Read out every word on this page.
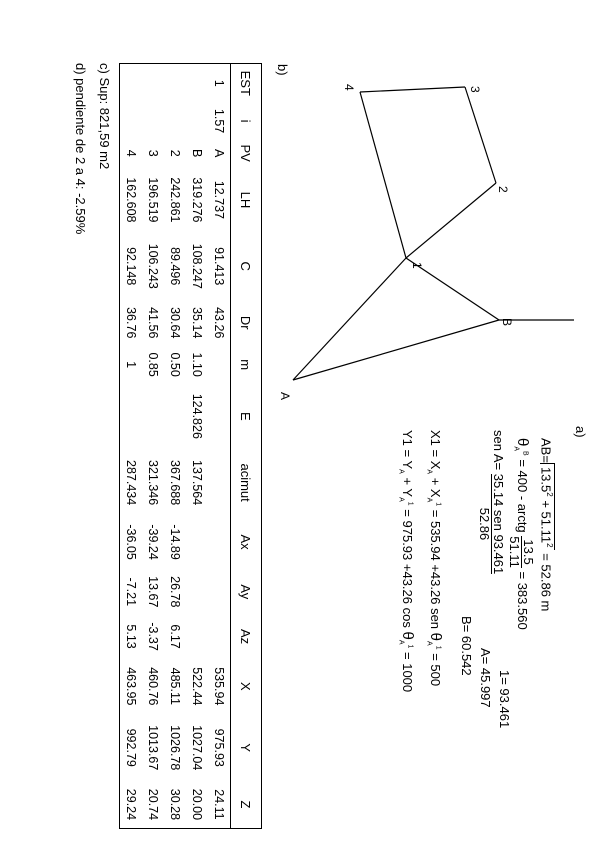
1
2
3
4
A
B
a)
$AB=13.5^2 + 51.11^2 = 52.86$ m
$\theta_A^B = 400$ - arctg
13.5
51.11
= 383.560
sen A=
35.14 sen 93.461
52.86
1= 93.461
A= 45.997
B= 60.542
$X1 = X_A + X_A^1 = 535.94 +43.26$ sen $\theta_A^1 = 500$
$Y1 = Y_A + Y_A^1 = 975.93 +43.26$ $\cos \theta_A^1 = 1000$
b)
EST	i	PV	LH	C	Dr	m	E	acimut	Ax	Ay	Az	X	Y	Z
1	1.57	A	12.737	91.413	43.26							535.94	975.93	24.11
		B	319.276	108.247	35.14	1.10	124.826	137.564				522.44	1027.04	20.00
		2	242.861	89.496	30.64	0.50		367.688	-14.89	26.78	6.17	485.11	1026.78	30.28
		3	196.519	106.243	41.56	0.85		321.346	-39.24	13.67	-3.37	460.76	1013.67	20.74
		4	162.608	92.148	36.76	1		287.434	-36.05	-7.21	5.13	463.95	992.79	29.24
c) Sup: 821,59 m2
d) pendiente de 2 a 4: -2.59%
